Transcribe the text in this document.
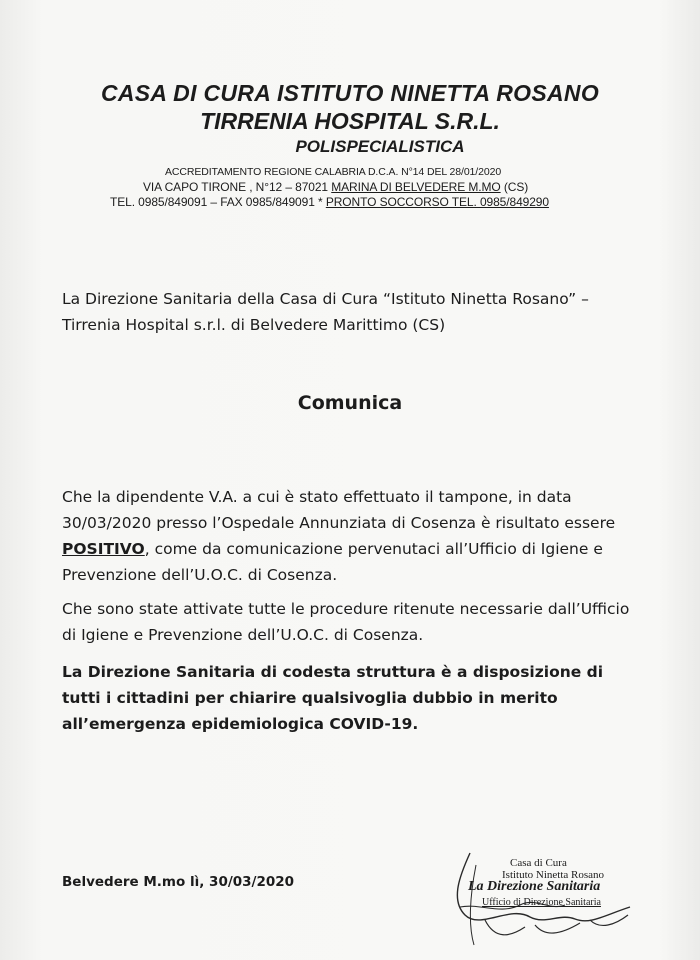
CASA DI CURA ISTITUTO NINETTA ROSANO
TIRRENIA HOSPITAL S.R.L.
POLISPECIALISTICA
ACCREDITAMENTO REGIONE CALABRIA D.C.A. N°14 DEL 28/01/2020
VIA CAPO TIRONE , N°12 – 87021 MARINA DI BELVEDERE M.MO (CS)
TEL. 0985/849091 – FAX 0985/849091 * PRONTO SOCCORSO TEL. 0985/849290
La Direzione Sanitaria della Casa di Cura “Istituto Ninetta Rosano” – Tirrenia Hospital s.r.l. di Belvedere Marittimo (CS)
Comunica
Che la dipendente V.A. a cui è stato effettuato il tampone, in data 30/03/2020 presso l’Ospedale Annunziata di Cosenza è risultato essere POSITIVO, come da comunicazione pervenutaci all’Ufficio di Igiene e Prevenzione dell’U.O.C. di Cosenza.
Che sono state attivate tutte le procedure ritenute necessarie dall’Ufficio di Igiene e Prevenzione dell’U.O.C. di Cosenza.
La Direzione Sanitaria di codesta struttura è a disposizione di tutti i cittadini per chiarire qualsivoglia dubbio in merito all’emergenza epidemiologica COVID-19.
Belvedere M.mo lì, 30/03/2020
Casa di Cura
Istituto Ninetta Rosano
La Direzione Sanitaria
Ufficio di Direzione Sanitaria
